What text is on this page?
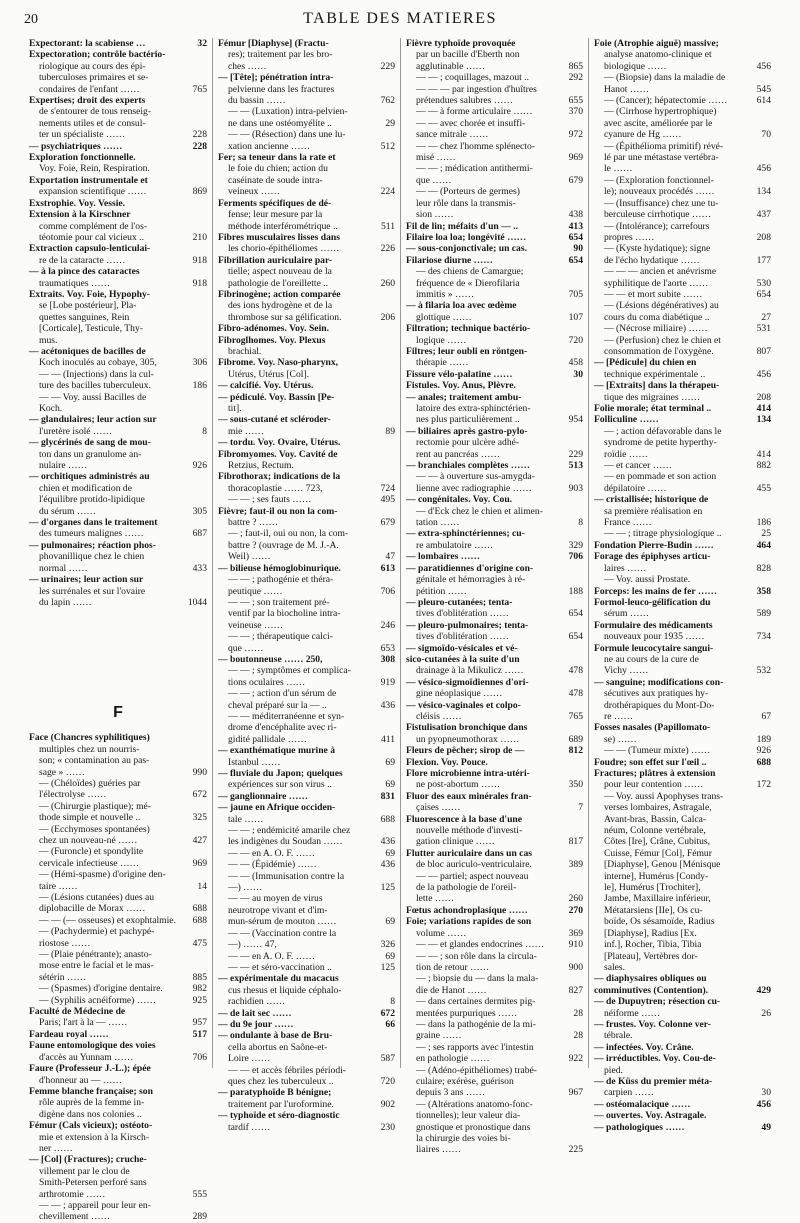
20	TABLE DES MATIERES
Expectorant: la scabiense …	32
Expectoration; contrôle bactério-
riologique au cours des épi-
tuberculoses primaires et se-
condaires de l'enfant ……	765
Expertises; droit des experts
de s'entourer de tous renseig-
nements utiles et de consul-
ter un spécialiste ……	228
— psychiatriques ……	228
Exploration fonctionnelle.
Voy. Foie, Rein, Respiration.
Exportation instrumentale et
expansion scientifique ……	869
Exstrophie. Voy. Vessie.
Extension à la Kirschner
comme complément de l'os-
téotomie pour cal vicieux ..	210
Extraction capsulo-lenticulai-
re de la cataracte ……	918
— à la pince des cataractes
traumatiques ……	918
Extraits. Voy. Foie, Hypophy-
se [Lobe postérieur], Pla-
quettes sanguines, Rein
[Corticale], Testicule, Thy-
mus.
— acétoniques de bacilles de
Koch inoculés au cobaye, 305,	306
— — (Injections) dans la cul-
ture des bacilles tuberculeux.	186
— — Voy. aussi Bacilles de
Koch.
— glandulaires; leur action sur
l'uretère isolé ……	8
— glycérinés de sang de mou-
ton dans un granulome an-
nulaire ……	926
— orchitiques administrés au
chien et modification de
l'équilibre protido-lipidique
du sérum ……	305
— d'organes dans le traitement
des tumeurs malignes ……	687
— pulmonaires; réaction phos-
phovanillique chez le chien
normal ……	433
— urinaires; leur action sur
les surrénales et sur l'ovaire
du lapin ……	1044
F
Face (Chancres syphilitiques)
multiples chez un nourris-
son; « contamination au pas-
sage » ……	990
— (Chéloïdes) guéries par
l'électrolyse ……	672
— (Chirurgie plastique); mé-
thode simple et nouvelle ..	325
— (Ecchymoses spontanées)
chez un nouveau-né ……	427
— (Furoncle) et spondylite
cervicale infectieuse ……	969
— (Hémi-spasme) d'origine den-
taire ……	14
— (Lésions cutanées) dues au
diplobacille de Morax ……	688
— — (— osseuses) et exophtalmie.	688
— (Pachydermie) et pachypé-
riostose ……	475
— (Plaie pénétrante); anasto-
mose entre le facial et le mas-
sétérin ……	885
— (Spasmes) d'origine dentaire.	982
— (Syphilis acnéiforme) ……	925
Faculté de Médecine de
Paris; l'art à la — ……	957
Fardeau royal ……	517
Faune entomologique des voies
d'accès au Yunnam ……	706
Faure (Professeur J.-L.); épée
d'honneur au — ……
Femme blanche française; son
rôle auprès de la femme in-
digène dans nos colonies ..
Fémur (Cals vicieux); ostéoto-
mie et extension à la Kirsch-
ner ……
— [Col] (Fractures); cruche-
villement par le clou de
Smith-Petersen perforé sans
arthrotomie ……	555
— — ; appareil pour leur en-
chevillement ……	289
Fémur [Diaphyse] (Fractu-
res); traitement par les bro-
ches ……	229
— [Tête]; pénétration intra-
pelvienne dans les fractures
du bassin ……	762
— — (Luxation) intra-pelvien-
ne dans une ostéomyélite ..	29
— — (Résection) dans une lu-
xation ancienne ……	512
Fer; sa teneur dans la rate et
le foie du chien; action du
caséinate de soude intra-
veineux ……	224
Ferments spécifiques de dé-
fense; leur mesure par la
méthode interférométrique ..	511
Fibres musculaires lisses dans
les chorio-épithéliomes ……	226
Fibrillation auriculaire par-
tielle; aspect nouveau de la
pathologie de l'oreillette ..	260
Fibrinogène; action comparée
des ions hydrogène et de la
thrombose sur sa gélification.	206
Fibro-adénomes. Voy. Sein.
Fibroglhomes. Voy. Plexus
brachial.
Fibrome. Voy. Naso-pharynx,
Utérus, Utérus [Col].
— calcifié. Voy. Utérus.
— pédiculé. Voy. Bassin [Pe-
tit].
— sous-cutané et scléroder-
mie ……	89
— tordu. Voy. Ovaire, Utérus.
Fibromyomes. Voy. Cavité de
Retzius, Rectum.
Fibrothorax; indications de la
thoracoplastie …… 723,	724
— — ; ses fauts ……	495
Fièvre; faut-il ou non la com-
battre ? ……	679
— ; faut-il, oui ou non, la com-
battre ? (ouvrage de M. J.-A.
Weil) ……	47
— bilieuse hémoglobinurique.	613
— — ; pathogénie et théra-
peutique ……	706
— — ; son traitement pré-
ventif par la biocholine intra-
veineuse ……	246
— — ; thérapeutique calci-
que ……	653
— boutonneuse …… 250,	308
— — ; symptômes et complica-
tions oculaires ……	919
— — ; action d'un sérum de
cheval préparé sur la — ..	436
— — méditerranéenne et syn-
drome d'encéphalite avec ri-
gidité pallidale ……	411
— exanthématique murine à
Istanbul ……	69
— fluviale du Japon; quelques
expériences sur son virus ..	69
— ganglionnaire ……	831
— jaune en Afrique occiden-
tale ……	688
— — ; endémicité amarile chez
les indigènes du Soudan ……	436
— — en A. O. F. ……	69
— — (Épidémie) ……	436
— — (Immunisation contre la
—) ……	125
— — au moyen de virus
neurotrope vivant et d'im-
mun-sérum de mouton ……	69
— — (Vaccination contre la
—) …… 47,	326
— — en A. O. F. ……	69
— — et séro-vaccination ..	125
— expérimentale du macacus
cus rhesus et liquide céphalo-
rachidien ……	8
— de lait sec ……	672
— du 9e jour ……	66
— ondulante à base de Bru-
cella abortus en Saône-et-
Loire ……	587
— — et accès fébriles périodi-
ques chez les tuberculeux ..	720
— paratyphoïde B bénigne;
traitement par l'uroformine.	902
— typhoïde et séro-diagnostic
tardif ……	230
Fièvre typhoïde provoquée
par un bacille d'Eberth non
agglutinable ……	865
— — ; coquillages, mazout ..	292
— — — par ingestion d'huîtres
prétendues salubres ……	655
— — à forme articulaire ……	370
— — avec chorée et insuffi-
sance mitrale ……	972
— — chez l'homme splénecto-
misé ……	969
— — ; médication antithermi-
que ……	679
— — (Porteurs de germes)
leur rôle dans la transmis-
sion ……	438
Fil de lin; méfaits d'un — ..	413
Filaire loa loa; longévité ……	654
— sous-conjonctivale; un cas.	90
Filariose diurne ……	654
— des chiens de Camargue;
fréquence de « Dierofilaria
immitis » ……	705
— à filaria loa avec œdème
glottique ……	107
Filtration; technique bactério-
logique ……	720
Filtres; leur oubli en röntgen-
thérapie ……	458
Fissure vélo-palatine ……	30
Fistules. Voy. Anus, Plèvre.
— anales; traitement ambu-
latoire des extra-sphinctérien-
nes plus particulièrement ..	954
— biliaires après gastro-pylo-
rectomie pour ulcère adhé-
rent au pancréas ……	229
— branchiales complètes ……	513
— — à ouverture sus-amygda-
lienne avec radiographie ……	903
— congénitales. Voy. Cou.
— d'Eck chez le chien et alimen-
tation ……	8
— extra-sphinctériennes; cu-
re ambulatoire ……	329
— lombaires ……	706
— paratidiennes d'origine con-
génitale et hémorragies à ré-
pétition ……	188
— pleuro-cutanées; tenta-
tives d'oblitération ……	654
— pleuro-pulmonaires; tenta-
tives d'oblitération ……	654
— sigmoïdo-vésicales et vé-
sico-cutanées à la suite d'un
drainage à la Mikulicz ……	478
— vésico-sigmoïdiennes d'ori-
gine néoplasique ……	478
— vésico-vaginales et colpo-
cléisis ……	765
Fistulisation bronchique dans
un pyopneumothorax ……	689
Fleurs de pêcher; sirop de —	812
Flexion. Voy. Pouce.
Flore microbienne intra-utéri-
ne post-abortum ……	350
Fluor des eaux minérales fran-
çaises ……	7
Fluorescence à la base d'une
nouvelle méthode d'investi-
gation clinique ……	817
Flutter auriculaire dans un cas
de bloc auriculo-ventriculaire.	389
— — partiel; aspect nouveau
de la pathologie de l'oreil-
lette ……	260
Fœtus achondroplasique ……	270
Foie; variations rapides de son
volume ……	369
— — et glandes endocrines ……	910
— — ; son rôle dans la circula-
tion de retour ……	900
— ; biopsie du — dans la mala-
die de Hanot ……	827
— dans certaines dermites pig-
mentées purpuriques ……	28
— dans la pathogénie de la mi-
graine ……	28
— ; ses rapports avec l'intestin
en pathologie ……	922
— (Adéno-épithéliomes) trabé-
culaire; exérèse, guérison
depuis 3 ans ……	967
— (Altérations anatomo-fonc-
tionnelles); leur valeur dia-
gnostique et pronostique dans
la chirurgie des voies bi-
liaires ……	225
Foie (Atrophie aiguë) massive;
analyse anatomo-clinique et
biologique ……	456
— (Biopsie) dans la maladie de
Hanot ……	545
— (Cancer); hépatectomie ……	614
— (Cirrhose hypertrophique)
avec ascite, améliorée par le
cyanure de Hg ……	70
— (Épithélioma primitif) révé-
lé par une métastase vertébra-
le ……	456
— (Exploration fonctionnel-
le); nouveaux procédés ……	134
— (Insuffisance) chez une tu-
berculeuse cirrhotique ……	437
— (Intolérance); carrefours
propres ……	208
— (Kyste hydatique); signe
de l'écho hydatique ……	177
— — — ancien et anévrisme
syphilitique de l'aorte ……	530
— — et mort subite ……	654
— (Lésions dégénératives) au
cours du coma diabétique ..	27
— (Nécrose miliaire) ……	531
— (Perfusion) chez le chien et
consommation de l'oxygène.	807
— [Pédicule] du chien en
technique expérimentale ..	456
— [Extraits] dans la thérapeu-
tique des migraines ……	208
Folie morale; état terminal ..	414
Folliculine ……	134
— ; action défavorable dans le
syndrome de petite hyperthy-
roïdie ……	414
— et cancer ……	882
— en pommade et son action
dépilatoire ……	455
— cristallisée; historique de
sa première réalisation en
France ……	186
— — ; titrage physiologique ..	25
Fondation Pierre-Budin ……	464
Forage des épiphyses articu-
laires ……	828
— Voy. aussi Prostate.
Forceps: les mains de fer ……	358
Formol-leuco-gélification du
sérum ……	589
Formulaire des médicaments
nouveaux pour 1935 ……	734
Formule leucocytaire sangui-
ne au cours de la cure de
Vichy ……	532
— sanguine; modifications con-
sécutives aux pratiques hy-
drothérapiques du Mont-Do-
re ……	67
Fosses nasales (Papillomato-
se) ……	189
— — (Tumeur mixte) ……	926
Foudre; son effet sur l'œil ..	688
Fractures; plâtres à extension
pour leur contention ……	172
— Voy. aussi Apophyses trans-
verses lombaires, Astragale,
Avant-bras, Bassin, Calca-
néum, Colonne vertébrale,
Côtes [Ire], Crâne, Cubitus,
Cuisse, Fémur [Col], Fémur
[Diaphyse], Genou [Ménisque
interne], Humérus [Condy-
le], Humérus [Trochiter],
Jambe, Maxillaire inférieur,
Métatarsiens [IIe], Os cu-
boïde, Os sésamoïde, Radius
[Diaphyse], Radius [Ex.
inf.], Rocher, Tibia, Tibia
[Plateau], Vertèbres dor-
sales.
— diaphysaires obliques ou
comminutives (Contention).	429
— de Dupuytren; résection cu-
néiforme ……	26
— frustes. Voy. Colonne ver-
tébrale.
— infectées. Voy. Crâne.
— irréductibles. Voy. Cou-de-
pied.
— de Küss du premier méta-
carpien ……	30
— ostéomalacique ……	456
— ouvertes. Voy. Astragale.
— pathologiques ……	49
